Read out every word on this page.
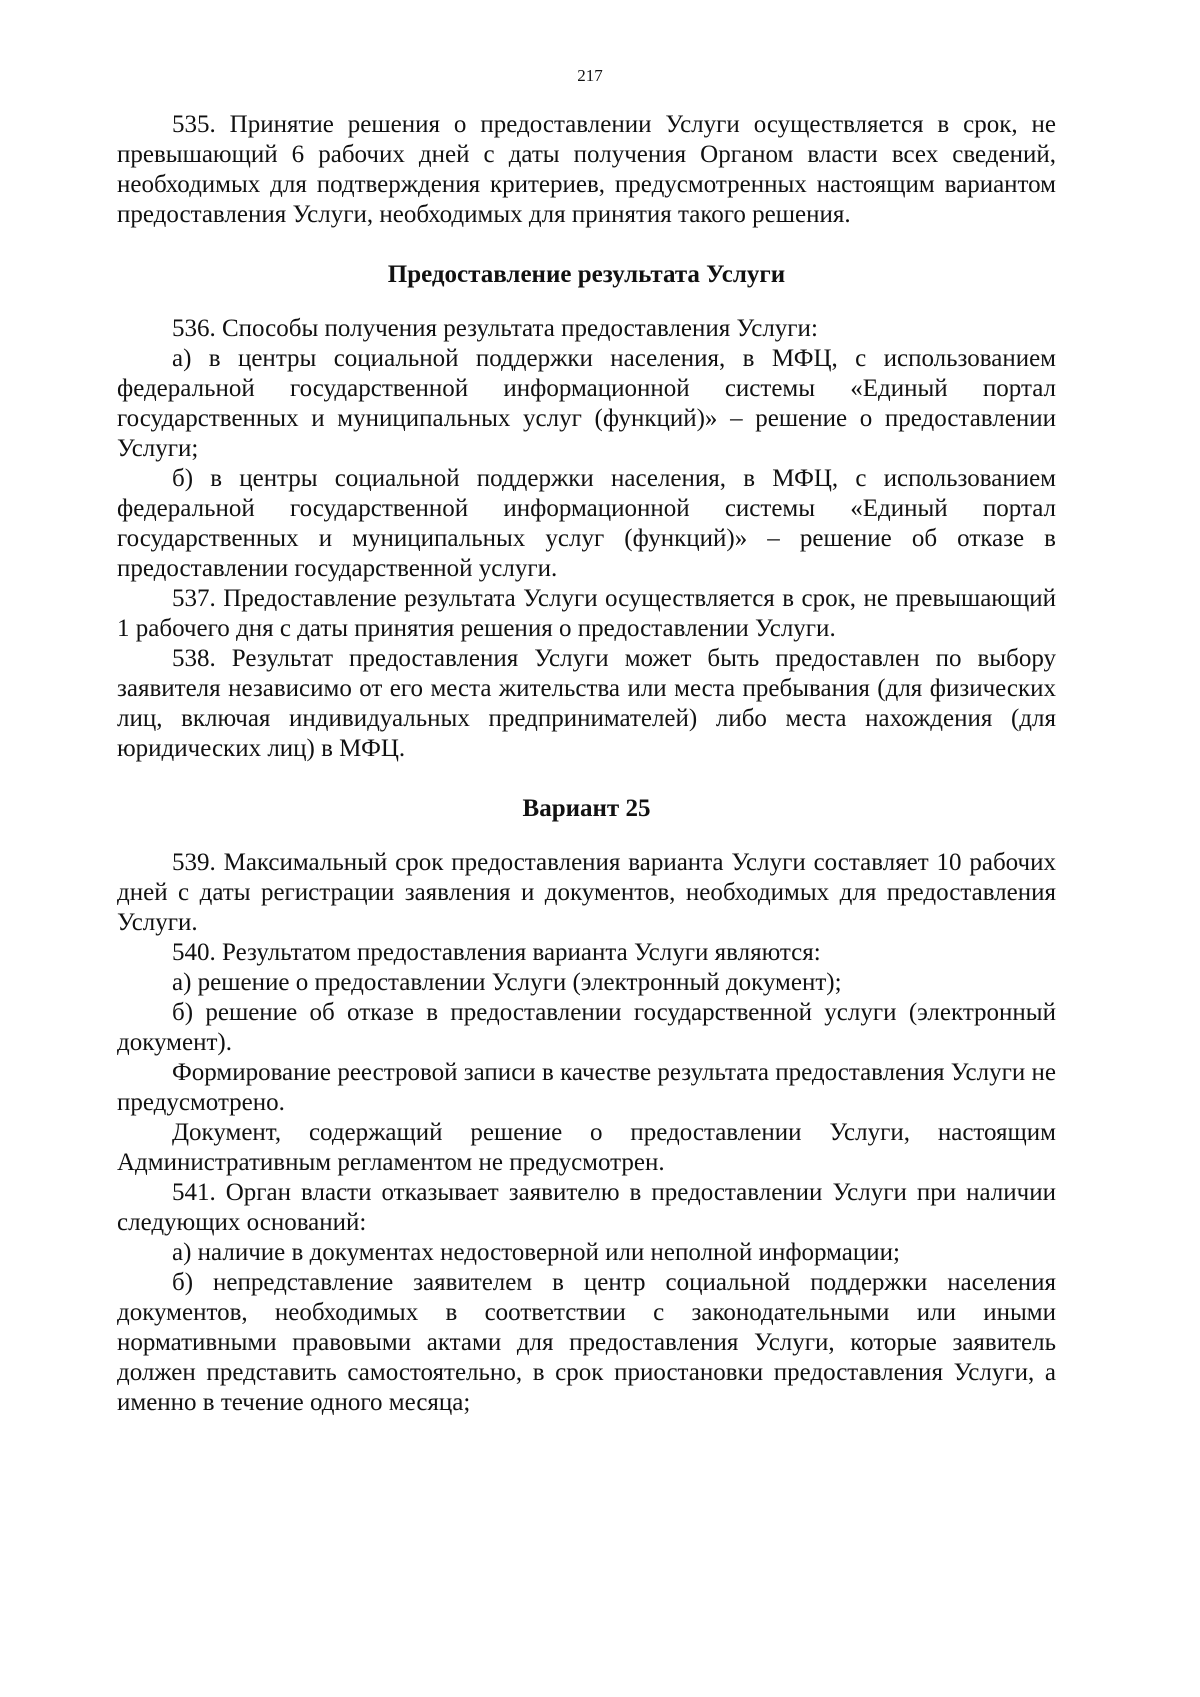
217

535. Принятие решения о предоставлении Услуги осуществляется в срок, не превышающий 6 рабочих дней с даты получения Органом власти всех сведений, необходимых для подтверждения критериев, предусмотренных настоящим вариантом предоставления Услуги, необходимых для принятия такого решения.

Предоставление результата Услуги

536. Способы получения результата предоставления Услуги:

а) в центры социальной поддержки населения, в МФЦ, с использованием федеральной государственной информационной системы «Единый портал государственных и муниципальных услуг (функций)» – решение о предоставлении Услуги;

б) в центры социальной поддержки населения, в МФЦ, с использованием федеральной государственной информационной системы «Единый портал государственных и муниципальных услуг (функций)» – решение об отказе в предоставлении государственной услуги.

537. Предоставление результата Услуги осуществляется в срок, не превышающий 1 рабочего дня с даты принятия решения о предоставлении Услуги.

538. Результат предоставления Услуги может быть предоставлен по выбору заявителя независимо от его места жительства или места пребывания (для физических лиц, включая индивидуальных предпринимателей) либо места нахождения (для юридических лиц) в МФЦ.

Вариант 25

539. Максимальный срок предоставления варианта Услуги составляет 10 рабочих дней с даты регистрации заявления и документов, необходимых для предоставления Услуги.

540. Результатом предоставления варианта Услуги являются:

а) решение о предоставлении Услуги (электронный документ);

б) решение об отказе в предоставлении государственной услуги (электронный документ).

Формирование реестровой записи в качестве результата предоставления Услуги не предусмотрено.

Документ, содержащий решение о предоставлении Услуги, настоящим Административным регламентом не предусмотрен.

541. Орган власти отказывает заявителю в предоставлении Услуги при наличии следующих оснований:

а) наличие в документах недостоверной или неполной информации;

б) непредставление заявителем в центр социальной поддержки населения документов, необходимых в соответствии с законодательными или иными нормативными правовыми актами для предоставления Услуги, которые заявитель должен представить самостоятельно, в срок приостановки предоставления Услуги, а именно в течение одного месяца;
